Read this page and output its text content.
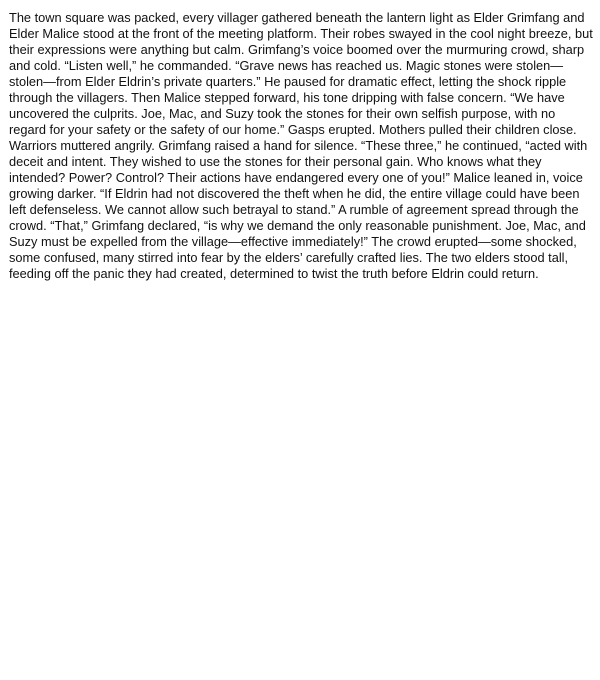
The town square was packed, every villager gathered beneath the lantern light as Elder Grimfang and Elder Malice stood at the front of the meeting platform. Their robes swayed in the cool night breeze, but their expressions were anything but calm. Grimfang’s voice boomed over the murmuring crowd, sharp and cold. “Listen well,” he commanded. “Grave news has reached us. Magic stones were stolen—stolen—from Elder Eldrin’s private quarters.” He paused for dramatic effect, letting the shock ripple through the villagers. Then Malice stepped forward, his tone dripping with false concern. “We have uncovered the culprits. Joe, Mac, and Suzy took the stones for their own selfish purpose, with no regard for your safety or the safety of our home.” Gasps erupted. Mothers pulled their children close. Warriors muttered angrily. Grimfang raised a hand for silence. “These three,” he continued, “acted with deceit and intent. They wished to use the stones for their personal gain. Who knows what they intended? Power? Control? Their actions have endangered every one of you!” Malice leaned in, voice growing darker. “If Eldrin had not discovered the theft when he did, the entire village could have been left defenseless. We cannot allow such betrayal to stand.” A rumble of agreement spread through the crowd. “That,” Grimfang declared, “is why we demand the only reasonable punishment. Joe, Mac, and Suzy must be expelled from the village—effective immediately!” The crowd erupted—some shocked, some confused, many stirred into fear by the elders’ carefully crafted lies. The two elders stood tall, feeding off the panic they had created, determined to twist the truth before Eldrin could return.
